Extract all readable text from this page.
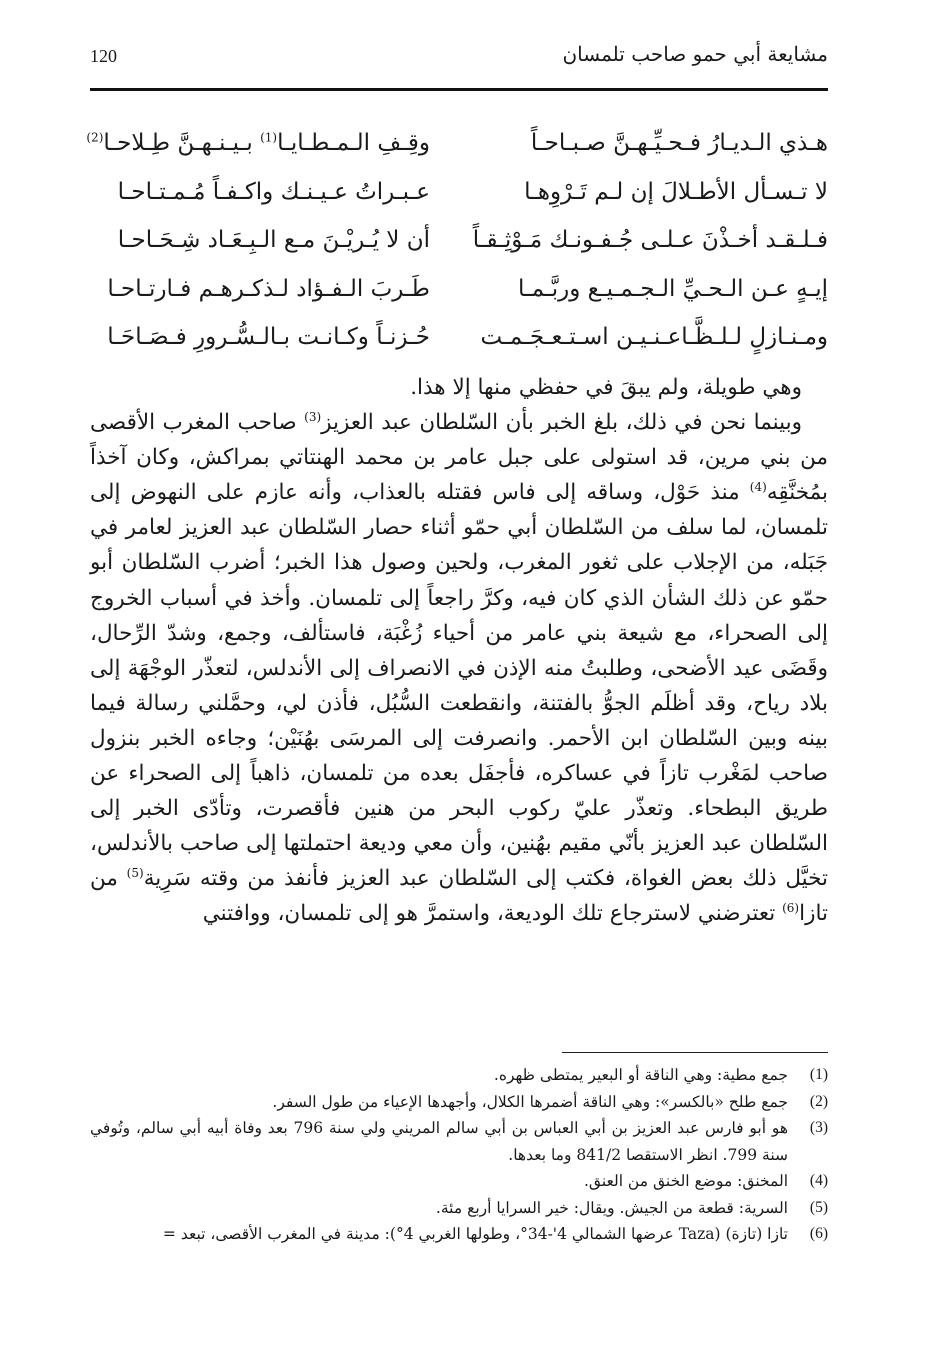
مشايعة أبي حمو صاحب تلمسان
120
هـذي الـديـارُ فـحـيِّـهـنَّ صـبـاحـاً
وقِـفِ الـمـطـايـا$^{(1)}$ بـيـنـهـنَّ طِـلاحـا$^{(2)}$
لا تـسـأل الأطـلالَ إن لـم تَـرْوِهـا
عـبـراتُ عـيـنـك واكـفـاً مُـمـتـاحـا
فـلـقـد أخـذْنَ عـلـى جُـفـونـك مَـوْثِـقـاً
أن لا يُـريْـنَ مـع الـبِـعَـاد شِـحَـاحـا
إيـهٍ عـن الـحـيِّ الـجـمـيـع وربَّـمـا
طَـربَ الـفـؤاد لـذكـرهـم فـارتـاحـا
ومـنـازلٍ لـلـظَّـاعـنـيـن اسـتـعـجَـمـت
حُـزنـاً وكـانـت بـالـسُّـرورِ فـصَـاحَـا

وهي طويلة، ولم يبقَ في حفظي منها إلا هذا.

وبينما نحن في ذلك، بلغ الخبر بأن السّلطان عبد العزيز$^{(3)}$ صاحب المغرب الأقصى من بني مرين، قد استولى على جبل عامر بن محمد الهنتاتي بمراكش، وكان آخذاً بمُخنَّقِه$^{(4)}$ منذ حَوْل، وساقه إلى فاس فقتله بالعذاب، وأنه عازم على النهوض إلى تلمسان، لما سلف من السّلطان أبي حمّو أثناء حصار السّلطان عبد العزيز لعامر في جَبَله، من الإجلاب على ثغور المغرب، ولحين وصول هذا الخبر؛ أضرب السّلطان أبو حمّو عن ذلك الشأن الذي كان فيه، وكرَّ راجعاً إلى تلمسان. وأخذ في أسباب الخروج إلى الصحراء، مع شيعة بني عامر من أحياء زُغْبَة، فاستألف، وجمع، وشدّ الرِّحال، وقَضَى عيد الأضحى، وطلبتُ منه الإذن في الانصراف إلى الأندلس، لتعذّر الوجْهَة إلى بلاد رياح، وقد أظلَم الجوُّ بالفتنة، وانقطعت السُّبُل، فأذن لي، وحمَّلني رسالة فيما بينه وبين السّلطان ابن الأحمر. وانصرفت إلى المرسَى بهُنَيْن؛ وجاءه الخبر بنزول صاحب لمَغْرب تازاً في عساكره، فأجفَل بعده من تلمسان، ذاهباً إلى الصحراء عن طريق البطحاء. وتعذّر عليّ ركوب البحر من هنين فأقصرت، وتأدّى الخبر إلى السّلطان عبد العزيز بأنّي مقيم بهُنين، وأن معي وديعة احتملتها إلى صاحب بالأندلس، تخيَّل ذلك بعض الغواة، فكتب إلى السّلطان عبد العزيز فأنفذ من وقته سَرِية$^{(5)}$ من تازا$^{(6)}$ تعترضني لاسترجاع تلك الوديعة، واستمرَّ هو إلى تلمسان، ووافتني

(1)
جمع مطية: وهي الناقة أو البعير يمتطى ظهره.
(2)
جمع طلح «بالكسر»: وهي الناقة أضمرها الكلال، وأجهدها الإعياء من طول السفر.
(3)
هو أبو فارس عبد العزيز بن أبي العباس بن أبي سالم المريني ولي سنة 796 بعد وفاة أبيه أبي سالم، وتُوفي سنة 799. انظر الاستقصا 841/2 وما بعدها.
(4)
المخنق: موضع الخنق من العنق.
(5)
السرية: قطعة من الجيش. ويقال: خير السرايا أربع مئة.
(6)
تازا (تازة) (Taza عرضها الشمالي 4'-34°، وطولها الغربي 4°): مدينة في المغرب الأقصى، تبعد =
